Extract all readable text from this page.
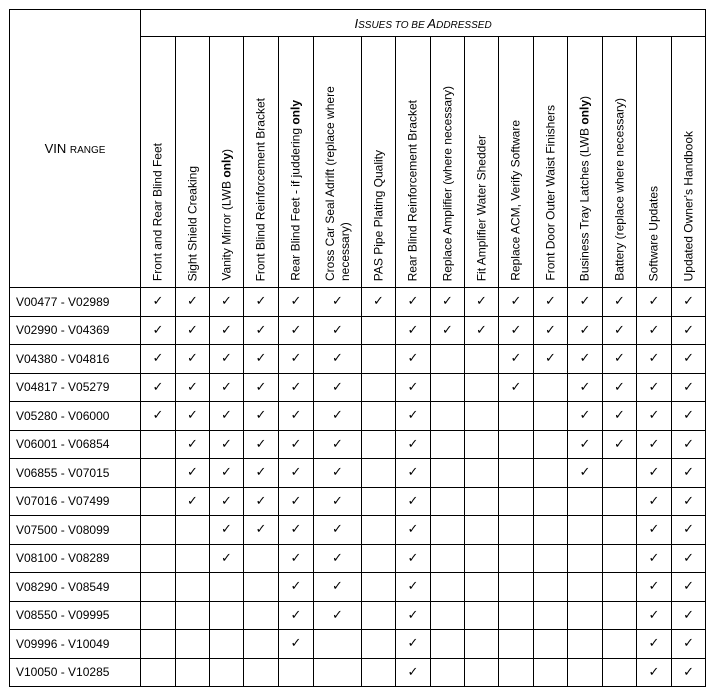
VIN RANGE	ISSUES TO BE ADDRESSED															

	Front and Rear Blind Feet	Sight Shield Creaking	Vanity Mirror (LWB only)	Front Blind Reinforcement Bracket	Rear Blind Feet - if juddering only	Cross Car Seal Adrift (replace where necessary)	PAS Pipe Plating Quality	Rear Blind Reinforcement Bracket	Replace Amplifier (where necessary)	Fit Amplifier Water Shedder	Replace ACM, Verify Software	Front Door Outer Waist Finishers	Business Tray Latches (LWB only)	Battery (replace where necessary)	Software Updates	Updated Owner's Handbook

V00477 - V02989	✓	✓	✓	✓	✓	✓	✓	✓	✓	✓	✓	✓	✓	✓	✓	✓
V02990 - V04369	✓	✓	✓	✓	✓	✓		✓	✓	✓	✓	✓	✓	✓	✓	✓
V04380 - V04816	✓	✓	✓	✓	✓	✓		✓			✓	✓	✓	✓	✓	✓
V04817 - V05279	✓	✓	✓	✓	✓	✓		✓			✓		✓	✓	✓	✓
V05280 - V06000	✓	✓	✓	✓	✓	✓		✓					✓	✓	✓	✓
V06001 - V06854		✓	✓	✓	✓	✓		✓					✓	✓	✓	✓
V06855 - V07015		✓	✓	✓	✓	✓		✓					✓		✓	✓
V07016 - V07499		✓	✓	✓	✓	✓		✓							✓	✓
V07500 - V08099			✓	✓	✓	✓		✓							✓	✓
V08100 - V08289			✓		✓	✓		✓							✓	✓
V08290 - V08549					✓	✓		✓							✓	✓
V08550 - V09995					✓	✓		✓							✓	✓
V09996 - V10049					✓			✓							✓	✓
V10050 - V10285								✓							✓	✓
